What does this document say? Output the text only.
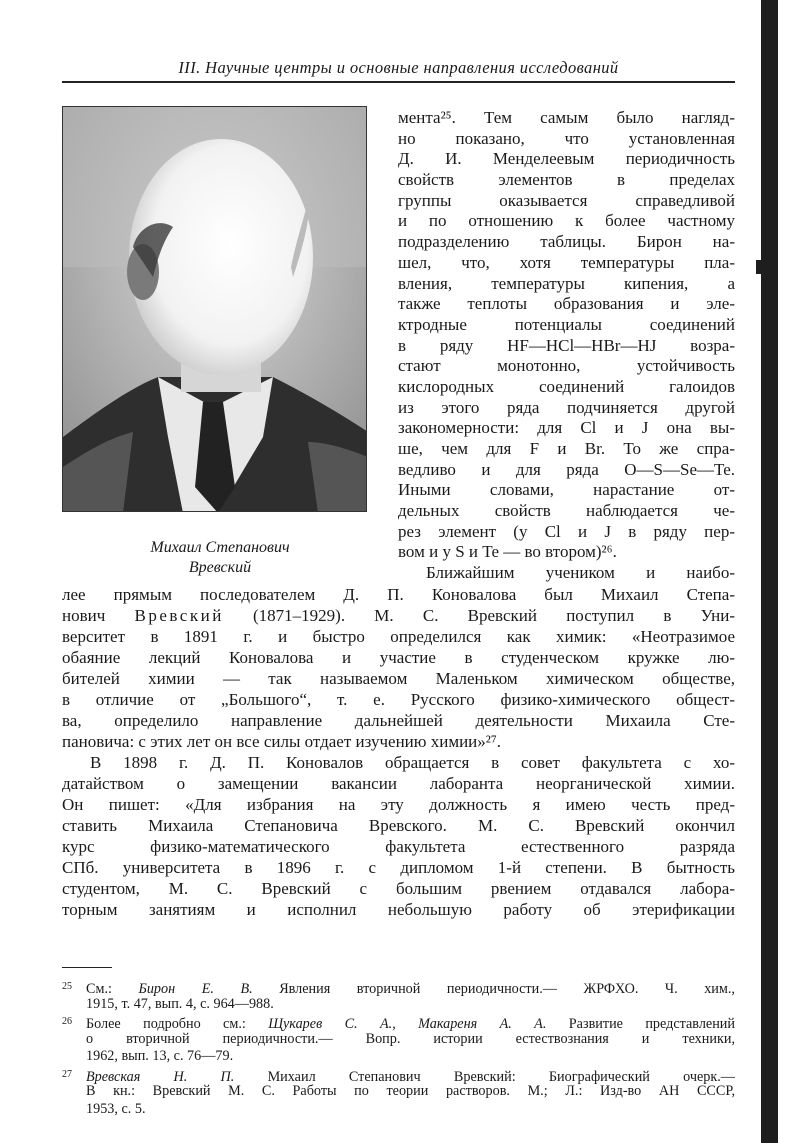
III. Научные центры и основные направления исследований
Михаил Степанович
Вревский
мента²⁵. Тем самым было нагляд-
но показано, что установленная
Д. И. Менделеевым периодичность
свойств элементов в пределах
группы оказывается справедливой
и по отношению к более частному
подразделению таблицы. Бирон на-
шел, что, хотя температуры пла-
вления, температуры кипения, а
также теплоты образования и эле-
ктродные потенциалы соединений
в ряду HF—HCl—HBr—HJ возра-
стают монотонно, устойчивость
кислородных соединений галоидов
из этого ряда подчиняется другой
закономерности: для Cl и J она вы-
ше, чем для F и Br. То же спра-
ведливо и для ряда O—S—Se—Te.
Иными словами, нарастание от-
дельных свойств наблюдается че-
рез элемент (у Cl и J в ряду пер-
вом и у S и Te — во втором)²⁶.
Ближайшим учеником и наибо-
лее прямым последователем Д. П. Коновалова был Михаил Степа-
нович Вревский (1871–1929). М. С. Вревский поступил в Уни-
верситет в 1891 г. и быстро определился как химик: «Неотразимое
обаяние лекций Коновалова и участие в студенческом кружке лю-
бителей химии — так называемом Маленьком химическом обществе,
в отличие от „Большого“, т. е. Русского физико-химического общест-
ва, определило направление дальнейшей деятельности Михаила Сте-
пановича: с этих лет он все силы отдает изучению химии»²⁷.
В 1898 г. Д. П. Коновалов обращается в совет факультета с хо-
датайством о замещении вакансии лаборанта неорганической химии.
Он пишет: «Для избрания на эту должность я имею честь пред-
ставить Михаила Степановича Вревского. М. С. Вревский окончил
курс физико-математического факультета естественного разряда
СПб. университета в 1896 г. с дипломом 1-й степени. В бытность
студентом, М. С. Вревский с большим рвением отдавался лабора-
торным занятиям и исполнил небольшую работу об этерификации
25 См.: Бирон Е. В. Явления вторичной периодичности.— ЖРФХО. Ч. хим.,
1915, т. 47, вып. 4, с. 964—988.
26 Более подробно см.: Щукарев С. А., Макареня А. А. Развитие представлений
о вторичной периодичности.— Вопр. истории естествознания и техники,
1962, вып. 13, с. 76—79.
27 Вревская Н. П. Михаил Степанович Вревский: Биографический очерк.—
В кн.: Вревский М. С. Работы по теории растворов. М.; Л.: Изд-во АН СССР,
1953, с. 5.
